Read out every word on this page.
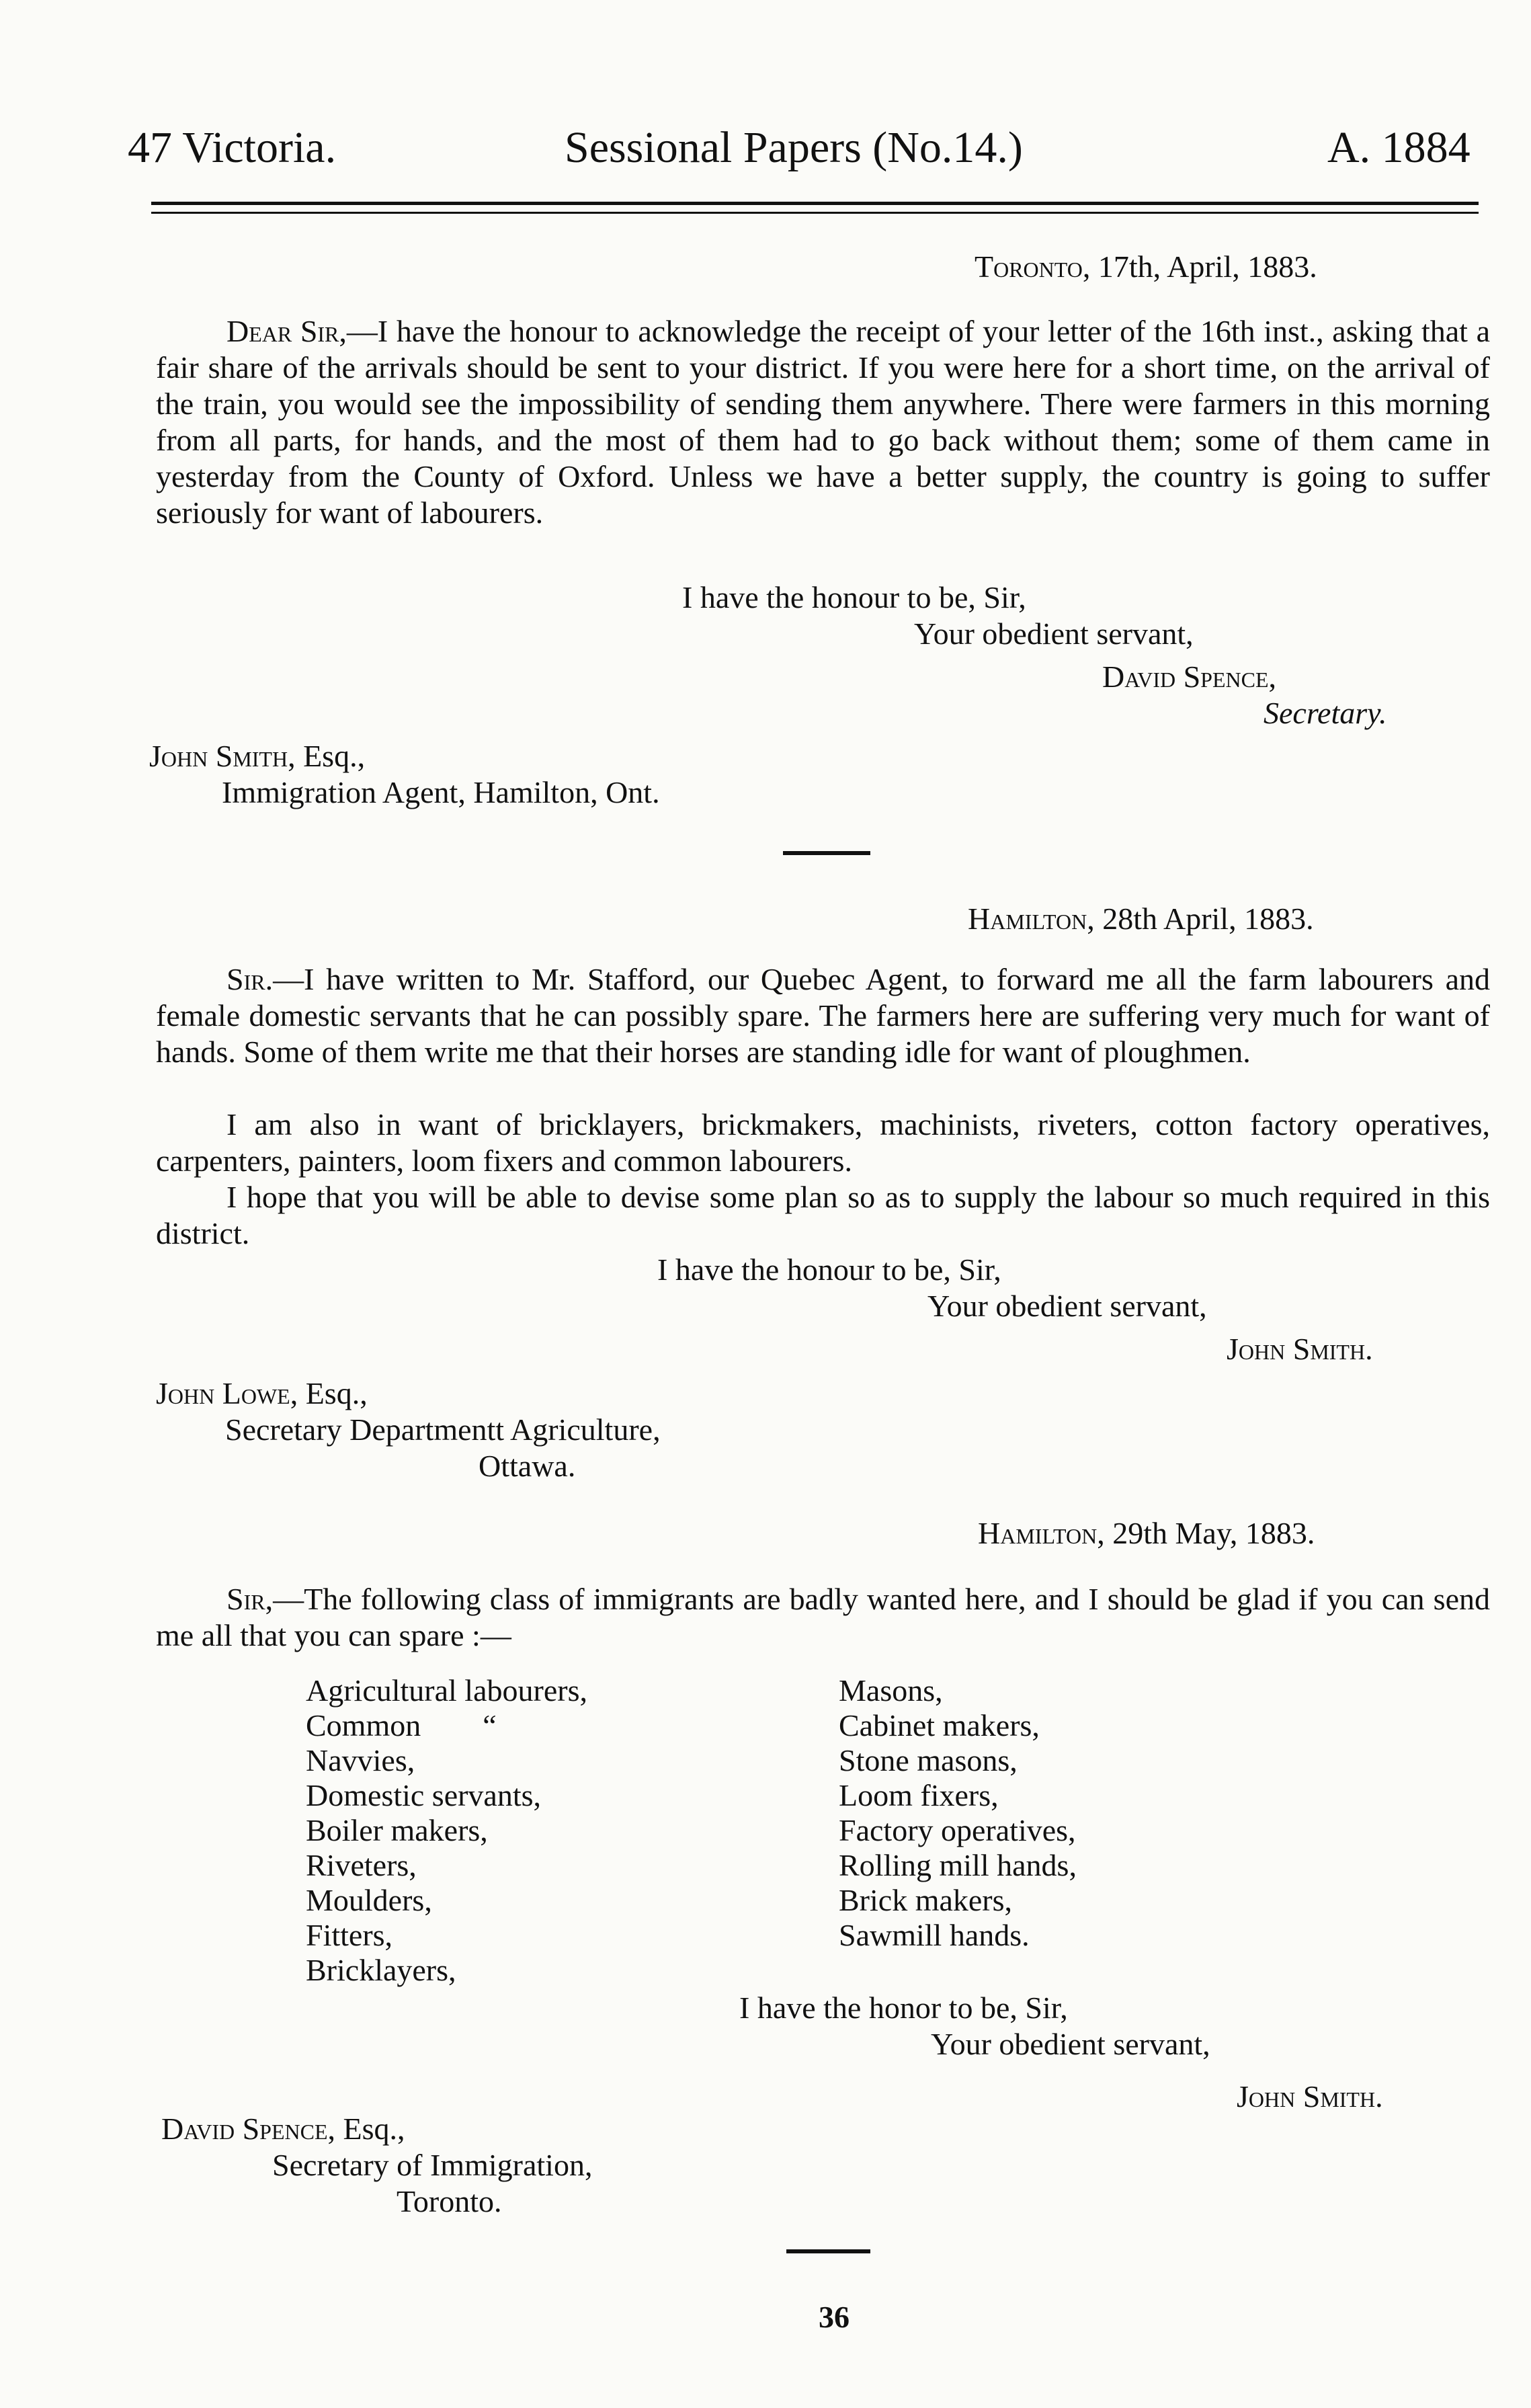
47 Victoria.	Sessional Papers (No.14.)	A. 1884
Toronto, 17th, April, 1883.
Dear Sir,—I have the honour to acknowledge the receipt of your letter of the 16th inst., asking that a fair share of the arrivals should be sent to your district. If you were here for a short time, on the arrival of the train, you would see the impossibility of sending them anywhere. There were farmers in this morning from all parts, for hands, and the most of them had to go back without them; some of them came in yesterday from the County of Oxford. Unless we have a better supply, the country is going to suffer seriously for want of labourers.
I have the honour to be, Sir,
Your obedient servant,
David Spence,
Secretary.
John Smith, Esq.,
Immigration Agent, Hamilton, Ont.
Hamilton, 28th April, 1883.
Sir.—I have written to Mr. Stafford, our Quebec Agent, to forward me all the farm labourers and female domestic servants that he can possibly spare. The farmers here are suffering very much for want of hands. Some of them write me that their horses are standing idle for want of ploughmen.
I am also in want of bricklayers, brickmakers, machinists, riveters, cotton factory operatives, carpenters, painters, loom fixers and common labourers.
I hope that you will be able to devise some plan so as to supply the labour so much required in this district.
I have the honour to be, Sir,
Your obedient servant,
John Smith.
John Lowe, Esq.,
Secretary Departmentt Agriculture,
Ottawa.
Hamilton, 29th May, 1883.
Sir,—The following class of immigrants are badly wanted here, and I should be glad if you can send me all that you can spare :—
Agricultural labourers,
Common        “
Navvies,
Domestic servants,
Boiler makers,
Riveters,
Moulders,
Fitters,
Bricklayers,
Masons,
Cabinet makers,
Stone masons,
Loom fixers,
Factory operatives,
Rolling mill hands,
Brick makers,
Sawmill hands.
I have the honor to be, Sir,
Your obedient servant,
John Smith.
David Spence, Esq.,
Secretary of Immigration,
Toronto.
36
